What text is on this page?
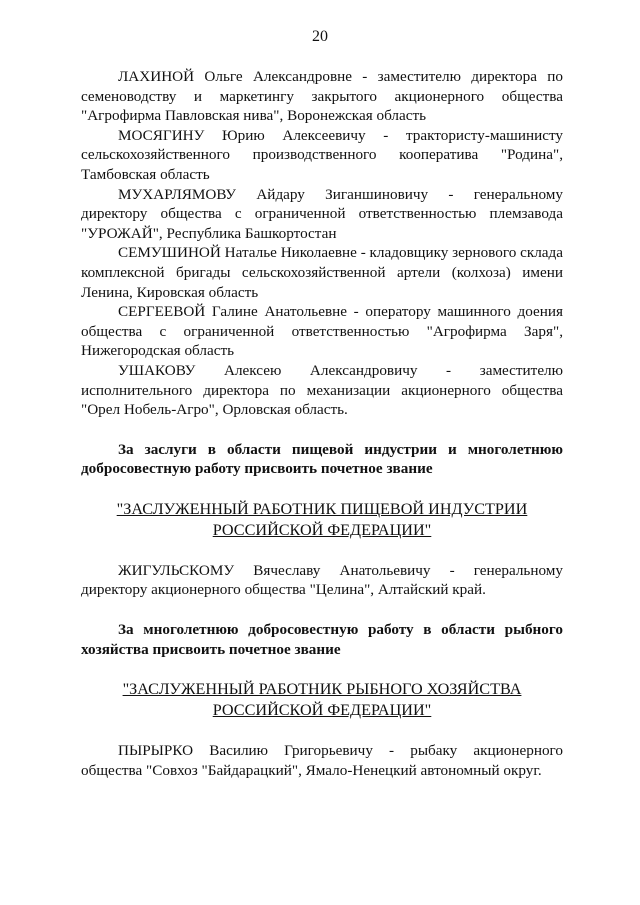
20

ЛАХИНОЙ Ольге Александровне - заместителю директора по семеноводству и маркетингу закрытого акционерного общества "Агрофирма Павловская нива", Воронежская область

МОСЯГИНУ Юрию Алексеевичу - трактористу-машинисту сельскохозяйственного производственного кооператива "Родина", Тамбовская область

МУХАРЛЯМОВУ Айдару Зиганшиновичу - генеральному директору общества с ограниченной ответственностью племзавода "УРОЖАЙ", Республика Башкортостан

СЕМУШИНОЙ Наталье Николаевне - кладовщику зернового склада комплексной бригады сельскохозяйственной артели (колхоза) имени Ленина, Кировская область

СЕРГЕЕВОЙ Галине Анатольевне - оператору машинного доения общества с ограниченной ответственностью "Агрофирма Заря", Нижегородская область

УШАКОВУ Алексею Александровичу - заместителю исполнительного директора по механизации акционерного общества "Орел Нобель-Агро", Орловская область.

За заслуги в области пищевой индустрии и многолетнюю добросовестную работу присвоить почетное звание

"ЗАСЛУЖЕННЫЙ РАБОТНИК ПИЩЕВОЙ ИНДУСТРИИ

РОССИЙСКОЙ ФЕДЕРАЦИИ"

ЖИГУЛЬСКОМУ Вячеславу Анатольевичу - генеральному директору акционерного общества "Целина", Алтайский край.

За многолетнюю добросовестную работу в области рыбного хозяйства присвоить почетное звание

"ЗАСЛУЖЕННЫЙ РАБОТНИК РЫБНОГО ХОЗЯЙСТВА

РОССИЙСКОЙ ФЕДЕРАЦИИ"

ПЫРЫРКО Василию Григорьевичу - рыбаку акционерного общества "Совхоз "Байдарацкий", Ямало-Ненецкий автономный округ.
